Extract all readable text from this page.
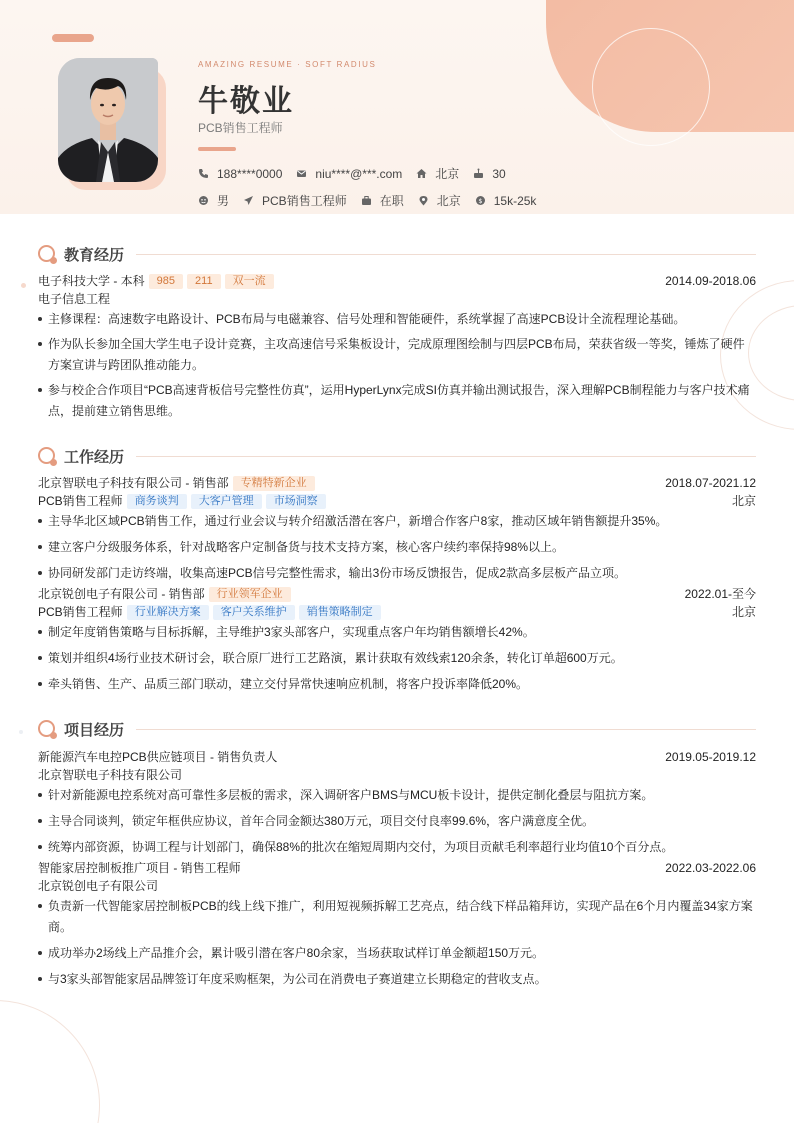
AMAZING RESUME · SOFT RADIUS
牛敬业
PCB销售工程师
188****0000	niu****@***.com	北京	30
男	PCB销售工程师	在职	北京	$ 15k-25k
教育经历
电子科技大学 - 本科	985	211	双一流	2014.09-2018.06
电子信息工程
主修课程：高速数字电路设计、PCB布局与电磁兼容、信号处理和智能硬件，系统掌握了高速PCB设计全流程理论基础。
作为队长参加全国大学生电子设计竞赛，主攻高速信号采集板设计，完成原理图绘制与四层PCB布局，荣获省级一等奖，锤炼了硬件方案宣讲与跨团队推动能力。
参与校企合作项目“PCB高速背板信号完整性仿真”，运用HyperLynx完成SI仿真并输出测试报告，深入理解PCB制程能力与客户技术痛点，提前建立销售思维。
工作经历
北京智联电子科技有限公司 - 销售部	专精特新企业	2018.07-2021.12
PCB销售工程师	商务谈判	大客户管理	市场洞察	北京
主导华北区域PCB销售工作，通过行业会议与转介绍激活潜在客户，新增合作客户8家，推动区域年销售额提升35%。
建立客户分级服务体系，针对战略客户定制备货与技术支持方案，核心客户续约率保持98%以上。
协同研发部门走访终端，收集高速PCB信号完整性需求，输出3份市场反馈报告，促成2款高多层板产品立项。
北京锐创电子有限公司 - 销售部	行业领军企业	2022.01-至今
PCB销售工程师	行业解决方案	客户关系维护	销售策略制定	北京
制定年度销售策略与目标拆解，主导维护3家头部客户，实现重点客户年均销售额增长42%。
策划并组织4场行业技术研讨会，联合原厂进行工艺路演，累计获取有效线索120余条，转化订单超600万元。
牵头销售、生产、品质三部门联动，建立交付异常快速响应机制，将客户投诉率降低20%。
项目经历
新能源汽车电控PCB供应链项目 - 销售负责人	2019.05-2019.12
北京智联电子科技有限公司
针对新能源电控系统对高可靠性多层板的需求，深入调研客户BMS与MCU板卡设计，提供定制化叠层与阻抗方案。
主导合同谈判，锁定年框供应协议，首年合同金额达380万元，项目交付良率99.6%，客户满意度全优。
统筹内部资源，协调工程与计划部门，确保88%的批次在缩短周期内交付，为项目贡献毛利率超行业均值10个百分点。
智能家居控制板推广项目 - 销售工程师	2022.03-2022.06
北京锐创电子有限公司
负责新一代智能家居控制板PCB的线上线下推广，利用短视频拆解工艺亮点，结合线下样品箱拜访，实现产品在6个月内覆盖34家方案商。
成功举办2场线上产品推介会，累计吸引潜在客户80余家，当场获取试样订单金额超150万元。
与3家头部智能家居品牌签订年度采购框架，为公司在消费电子赛道建立长期稳定的营收支点。
